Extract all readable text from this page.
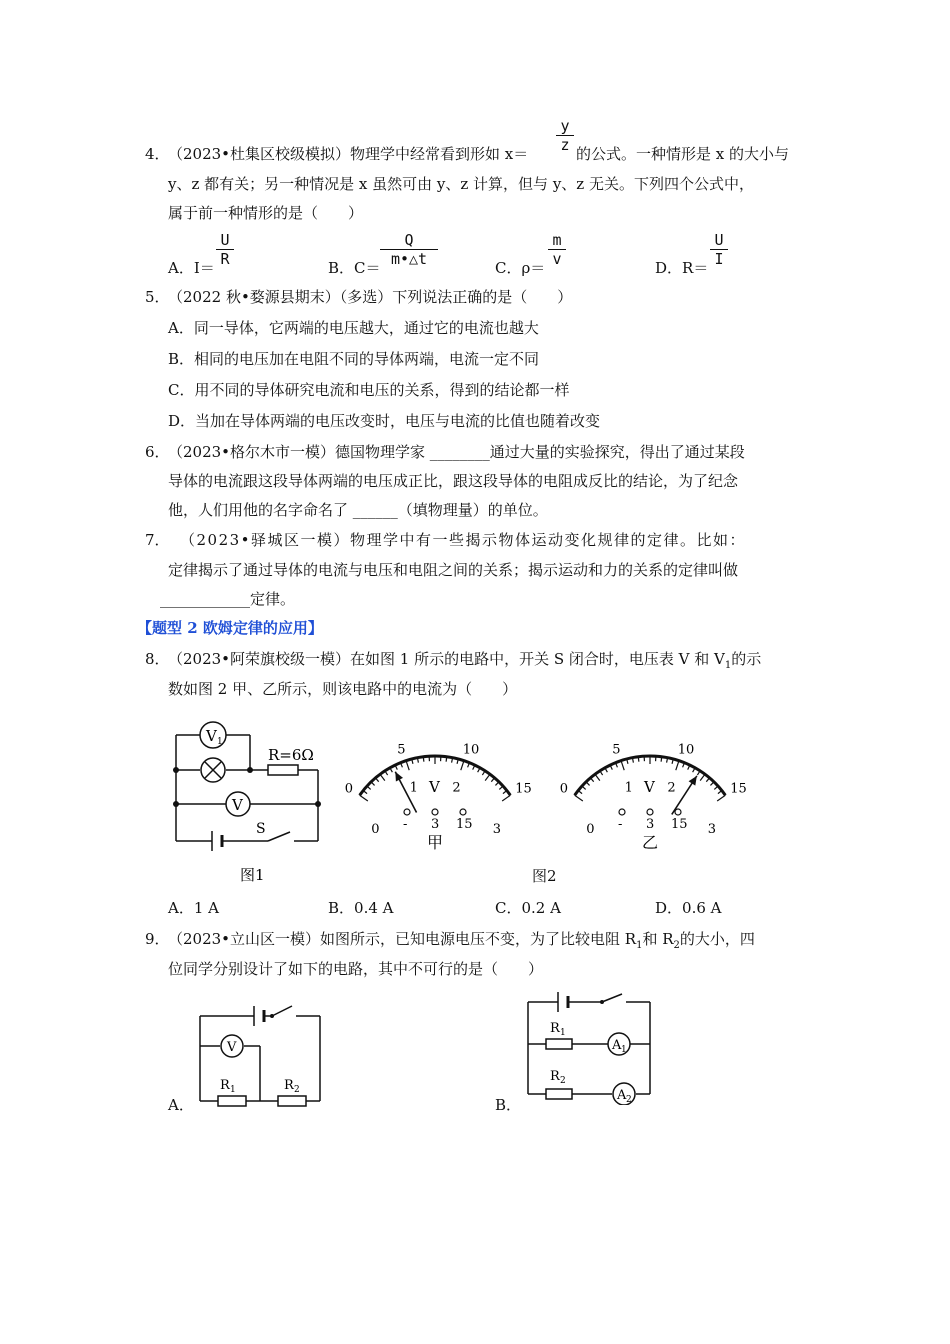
4．
（2023•杜集区校级模拟）物理学中经常看到形如 x＝
y
z 的公式。一种情形是 x 的大小与
y、z 都有关；另一种情况是 x 虽然可由 y、z 计算，但与 y、z 无关。下列四个公式中，
属于前一种情形的是（　　）
A．I＝
U
R	B．C＝
Q
m•△t	C．ρ＝
m
v	D．R＝
U
I
5．
（2022 秋•婺源县期末）（多选）下列说法正确的是（　　）
A．同一导体，它两端的电压越大，通过它的电流也越大
B．相同的电压加在电阻不同的导体两端，电流一定不同
C．用不同的导体研究电流和电压的关系，得到的结论都一样
D．当加在导体两端的电压改变时，电压与电流的比值也随着改变
6．
（2023•格尔木市一模）德国物理学家 ________通过大量的实验探究，得出了通过某段
导体的电流跟这段导体两端的电压成正比，跟这段导体的电阻成反比的结论，为了纪念
他，人们用他的名字命名了 ______（填物理量）的单位。
7． （2023•驿城区一模）物理学中有一些揭示物体运动变化规律的定律。比如：
定律揭示了通过导体的电流与电压和电阻之间的关系；揭示运动和力的关系的定律叫做
____________定律。
【题型 2 欧姆定律的应用】
8．
（2023•阿荣旗校级一模）在如图 1 所示的电路中，开关 S 闭合时，电压表 V 和 $V_1$的示
数如图 2 甲、乙所示，则该电路中的电流为（　　）
V 1
R=6Ω
V
S
图1
0
5	10
15
0
1	2
3
V
- 3 15
甲
0
5	10
15
0
1	2
3
V
- 3 15
乙
图2
A．1 A	B．0.4 A	C．0.2 A	D．0.6 A
9．
（2023•立山区一模）如图所示，已知电源电压不变，为了比较电阻 $R_1$和 $R_2$的大小，四
位同学分别设计了如下的电路，其中不可行的是（　　）
A．
V
R 1	R 2
B．
R 1
A 1
R 2
A 2
